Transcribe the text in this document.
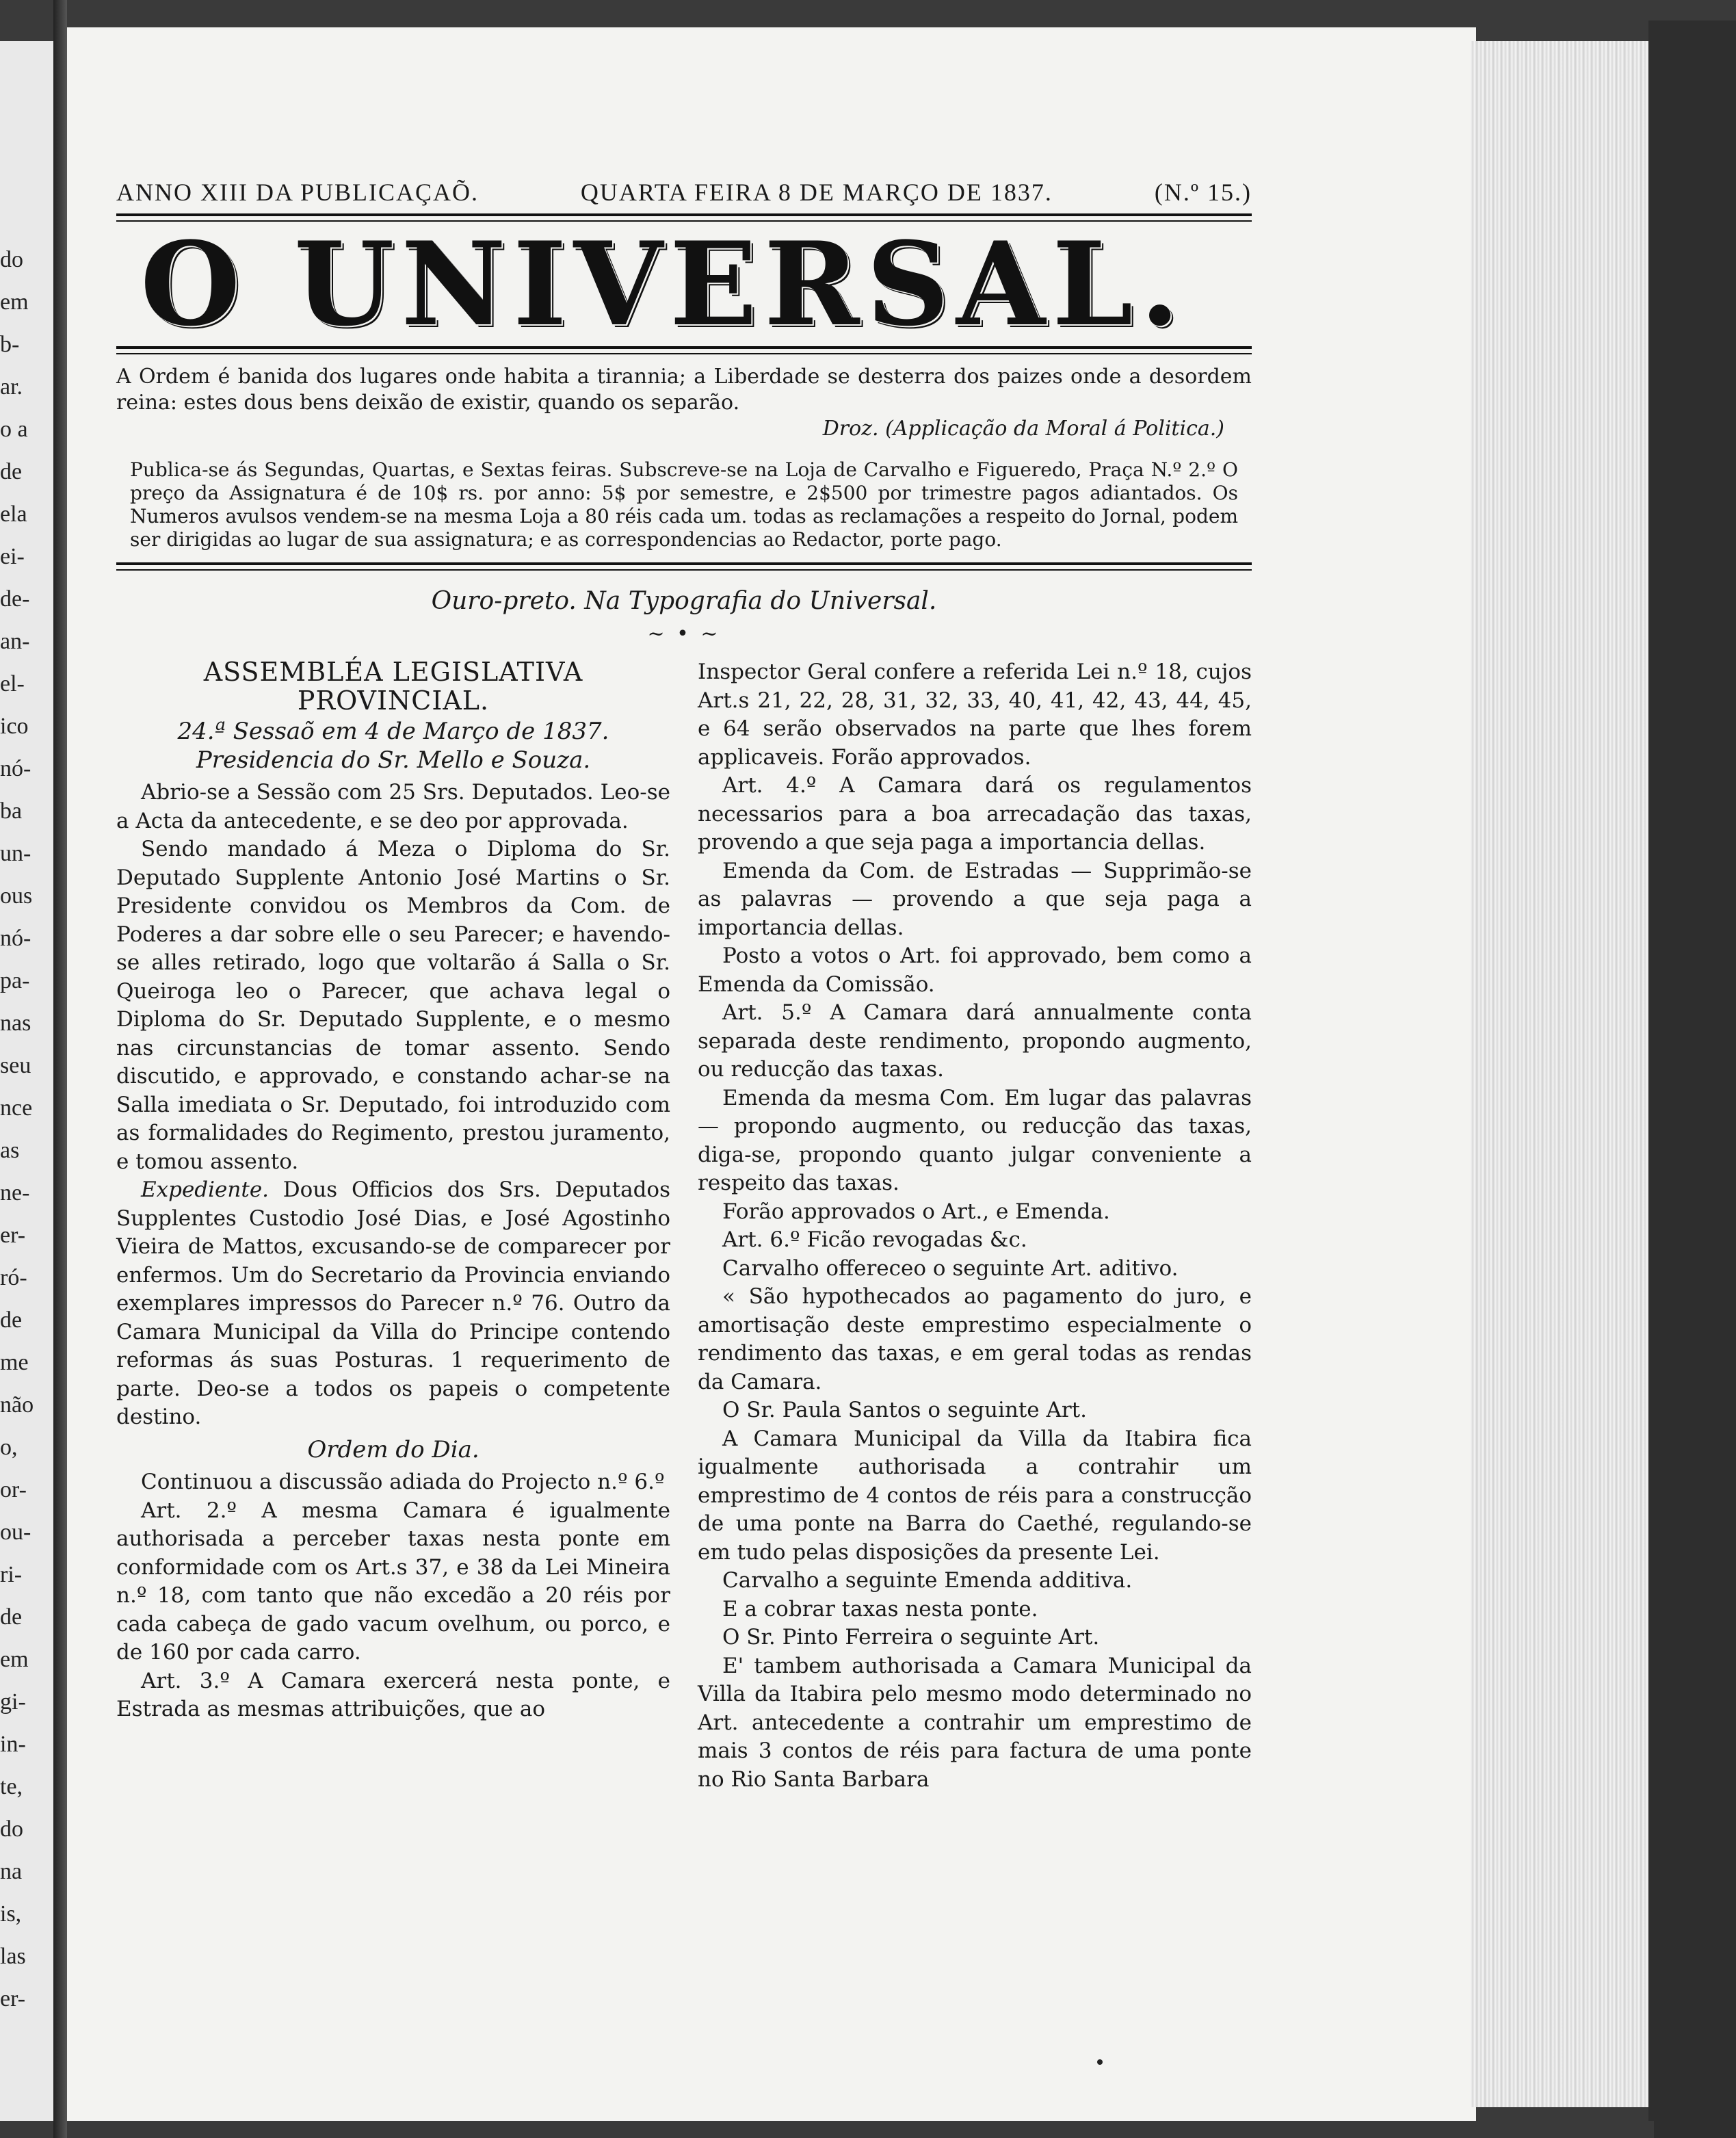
do
em
b-
ar.
o a
de
ela
ei-
de-
an-
el-
ico
nó-
ba
un-
ous
nó-
pa-
nas
seu
nce
as
ne-
er-
ró-
de
me
não
o,
or-
ou-
ri-
de
em
gi-
in-
te,
do
na
is,
las
er-
ANNO XIII DA PUBLICAÇAÕ.	QUARTA FEIRA 8 DE MARÇO DE 1837.	(N.º 15.)
O UNIVERSAL.
A Ordem é banida dos lugares onde habita a tirannia; a Liberdade se desterra dos paizes onde a desordem reina: estes dous bens deixão de existir, quando os separão.
Droz. (Applicação da Moral á Politica.)
Publica-se ás Segundas, Quartas, e Sextas feiras. Subscreve-se na Loja de Carvalho e Figueredo, Praça N.º 2.º O preço da Assignatura é de 10$ rs. por anno: 5$ por semestre, e 2$500 por trimestre pagos adiantados. Os Numeros avulsos vendem-se na mesma Loja a 80 réis cada um. todas as reclamações a respeito do Jornal, podem ser dirigidas ao lugar de sua assignatura; e as correspondencias ao Redactor, porte pago.
Ouro-preto. Na Typografia do Universal.
~ • ~

ASSEMBLÉA LEGISLATIVA PROVINCIAL.

24.ª Sessaõ em 4 de Março de 1837.

Presidencia do Sr. Mello e Souza.

Abrio-se a Sessão com 25 Srs. Deputados. Leo-se a Acta da antecedente, e se deo por approvada.

Sendo mandado á Meza o Diploma do Sr. Deputado Supplente Antonio José Martins o Sr. Presidente convidou os Membros da Com. de Poderes a dar sobre elle o seu Parecer; e havendo-se alles retirado, logo que voltarão á Salla o Sr. Queiroga leo o Parecer, que achava legal o Diploma do Sr. Deputado Supplente, e o mesmo nas circunstancias de tomar assento. Sendo discutido, e approvado, e constando achar-se na Salla imediata o Sr. Deputado, foi introduzido com as formalidades do Regimento, prestou juramento, e tomou assento.

Expediente. Dous Officios dos Srs. Deputados Supplentes Custodio José Dias, e José Agostinho Vieira de Mattos, excusando-se de comparecer por enfermos. Um do Secretario da Provincia enviando exemplares impressos do Parecer n.º 76. Outro da Camara Municipal da Villa do Principe contendo reformas ás suas Posturas. 1 requerimento de parte. Deo-se a todos os papeis o competente destino.

Ordem do Dia.

Continuou a discussão adiada do Projecto n.º 6.º

Art. 2.º A mesma Camara é igualmente authorisada a perceber taxas nesta ponte em conformidade com os Art.s 37, e 38 da Lei Mineira n.º 18, com tanto que não excedão a 20 réis por cada cabeça de gado vacum ovelhum, ou porco, e de 160 por cada carro.

Art. 3.º A Camara exercerá nesta ponte, e Estrada as mesmas attribuições, que ao

Inspector Geral confere a referida Lei n.º 18, cujos Art.s 21, 22, 28, 31, 32, 33, 40, 41, 42, 43, 44, 45, e 64 serão observados na parte que lhes forem applicaveis. Forão approvados.

Art. 4.º A Camara dará os regulamentos necessarios para a boa arrecadação das taxas, provendo a que seja paga a importancia dellas.

Emenda da Com. de Estradas — Supprimão-se as palavras — provendo a que seja paga a importancia dellas.

Posto a votos o Art. foi approvado, bem como a Emenda da Comissão.

Art. 5.º A Camara dará annualmente conta separada deste rendimento, propondo augmento, ou reducção das taxas.

Emenda da mesma Com. Em lugar das palavras — propondo augmento, ou reducção das taxas, diga-se, propondo quanto julgar conveniente a respeito das taxas.

Forão approvados o Art., e Emenda.

Art. 6.º Ficão revogadas &c.

Carvalho offereceo o seguinte Art. aditivo.

« São hypothecados ao pagamento do juro, e amortisação deste emprestimo especialmente o rendimento das taxas, e em geral todas as rendas da Camara.

O Sr. Paula Santos o seguinte Art.

A Camara Municipal da Villa da Itabira fica igualmente authorisada a contrahir um emprestimo de 4 contos de réis para a construcção de uma ponte na Barra do Caethé, regulando-se em tudo pelas disposições da presente Lei.

Carvalho a seguinte Emenda additiva.

E a cobrar taxas nesta ponte.

O Sr. Pinto Ferreira o seguinte Art.

E' tambem authorisada a Camara Municipal da Villa da Itabira pelo mesmo modo determinado no Art. antecedente a contrahir um emprestimo de mais 3 contos de réis para factura de uma ponte no Rio Santa Barbara
